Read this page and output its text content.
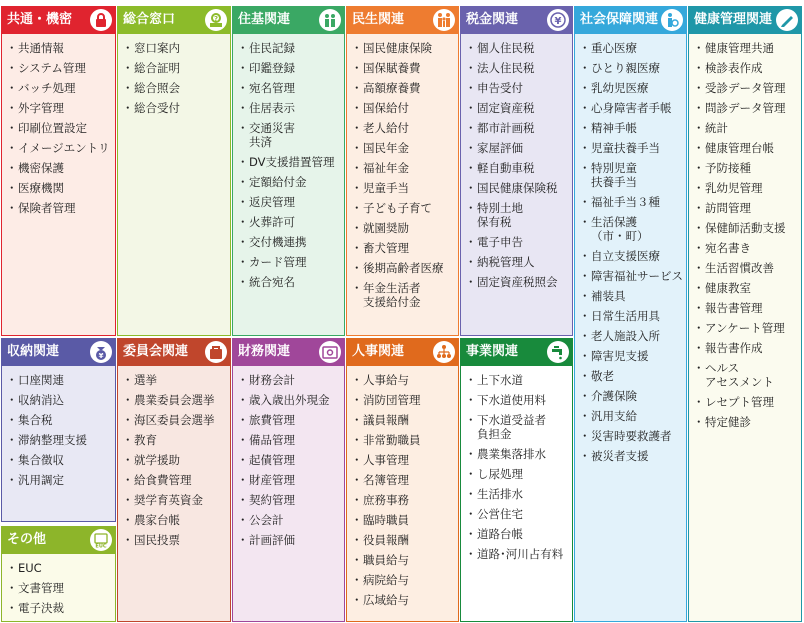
共通・機密
・ 共通情報
・ システム管理
・ バッチ処理
・ 外字管理
・ 印刷位置設定
・ イメージエントリ
・ 機密保護
・ 医療機関
・ 保険者管理
総合窓口	?
・ 窓口案内
・ 総合証明
・ 総合照会
・ 総合受付
住基関連
・ 住民記録
・ 印鑑登録
・ 宛名管理
・ 住居表示
・ 交通災害
共済
・ DV支援措置管理
・ 定額給付金
・ 返戻管理
・ 火葬許可
・ 交付機連携
・ カード管理
・ 統合宛名
民生関連
・ 国民健康保険
・ 国保賦養費
・ 高額療養費
・ 国保給付
・ 老人給付
・ 国民年金
・ 福祉年金
・ 児童手当
・ 子ども子育て
・ 就園奨励
・ 畜犬管理
・ 後期高齢者医療
・ 年金生活者
支援給付金
税金関連	¥
・ 個人住民税
・ 法人住民税
・ 申告受付
・ 固定資産税
・ 都市計画税
・ 家屋評価
・ 軽自動車税
・ 国民健康保険税
・ 特別土地
保有税
・ 電子申告
・ 納税管理人
・ 固定資産税照会
社会保障関連
・ 重心医療
・ ひとり親医療
・ 乳幼児医療
・ 心身障害者手帳
・ 精神手帳
・ 児童扶養手当
・ 特別児童
扶養手当
・ 福祉手当３種
・ 生活保護
（市・町）
・ 自立支援医療
・ 障害福祉サービス
・ 補装具
・ 日常生活用具
・ 老人施設入所
・ 障害児支援
・ 敬老
・ 介護保険
・ 汎用支給
・ 災害時要救護者
・ 被災者支援
健康管理関連
・ 健康管理共通
・ 検診表作成
・ 受診データ管理
・ 問診データ管理
・ 統計
・ 健康管理台帳
・ 予防接種
・ 乳幼児管理
・ 訪問管理
・ 保健師活動支援
・ 宛名書き
・ 生活習慣改善
・ 健康教室
・ 報告書管理
・ アンケート管理
・ 報告書作成
・ ヘルス
アセスメント
・ レセプト管理
・ 特定健診
収納関連	¥
・ 口座関連
・ 収納消込
・ 集合税
・ 滞納整理支援
・ 集合徴収
・ 汎用調定
委員会関連
・ 選挙
・ 農業委員会選挙
・ 海区委員会選挙
・ 教育
・ 就学援助
・ 給食費管理
・ 奨学育英資金
・ 農家台帳
・ 国民投票
財務関連
・ 財務会計
・ 歳入歳出外現金
・ 旅費管理
・ 備品管理
・ 起債管理
・ 財産管理
・ 契約管理
・ 公会計
・ 計画評価
人事関連
・ 人事給与
・ 消防団管理
・ 議員報酬
・ 非常勤職員
・ 人事管理
・ 名簿管理
・ 庶務事務
・ 臨時職員
・ 役員報酬
・ 職員給与
・ 病院給与
・ 広域給与
事業関連
・ 上下水道
・ 下水道使用料
・ 下水道受益者
負担金
・ 農業集落排水
・ し尿処理
・ 生活排水
・ 公営住宅
・ 道路台帳
・ 道路･河川占有料
その他	EUC
・ EUC
・ 文書管理
・ 電子決裁
